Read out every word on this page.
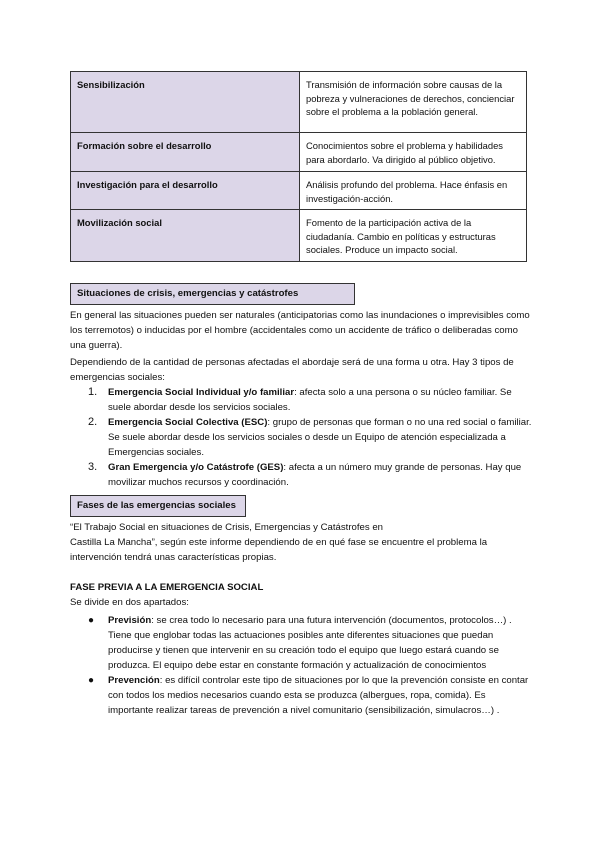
Sensibilización	Transmisión de información sobre causas de la pobreza y vulneraciones de derechos, concienciar sobre el problema a la población general.
Formación sobre el desarrollo	Conocimientos sobre el problema y habilidades para abordarlo. Va dirigido al público objetivo.
Investigación para el desarrollo	Análisis profundo del problema. Hace énfasis en investigación-acción.
Movilización social	Fomento de la participación activa de la ciudadanía. Cambio en políticas y estructuras sociales. Produce un impacto social.
Situaciones de crisis, emergencias y catástrofes
En general las situaciones pueden ser naturales (anticipatorias como las inundaciones o imprevisibles como los terremotos) o inducidas por el hombre (accidentales como un accidente de tráfico o deliberadas como una guerra).
Dependiendo de la cantidad de personas afectadas el abordaje será de una forma u otra. Hay 3 tipos de emergencias sociales:
1. Emergencia Social Individual y/o familiar: afecta solo a una persona o su núcleo familiar. Se suele abordar desde los servicios sociales.
2. Emergencia Social Colectiva (ESC): grupo de personas que forman o no una red social o familiar. Se suele abordar desde los servicios sociales o desde un Equipo de atención especializada a Emergencias sociales.
3. Gran Emergencia y/o Catástrofe (GES): afecta a un número muy grande de personas. Hay que movilizar muchos recursos y coordinación.
Fases de las emergencias sociales
“El Trabajo Social en situaciones de Crisis, Emergencias y Catástrofes en
Castilla La Mancha”, según este informe dependiendo de en qué fase se encuentre el problema la intervención tendrá unas características propias.
FASE PREVIA A LA EMERGENCIA SOCIAL
Se divide en dos apartados:
● Previsión: se crea todo lo necesario para una futura intervención (documentos, protocolos…) . Tiene que englobar todas las actuaciones posibles ante diferentes situaciones que puedan producirse y tienen que intervenir en su creación todo el equipo que luego estará cuando se produzca. El equipo debe estar en constante formación y actualización de conocimientos
● Prevención: es difícil controlar este tipo de situaciones por lo que la prevención consiste en contar con todos los medios necesarios cuando esta se produzca (albergues, ropa, comida). Es importante realizar tareas de prevención a nivel comunitario (sensibilización, simulacros…) .
